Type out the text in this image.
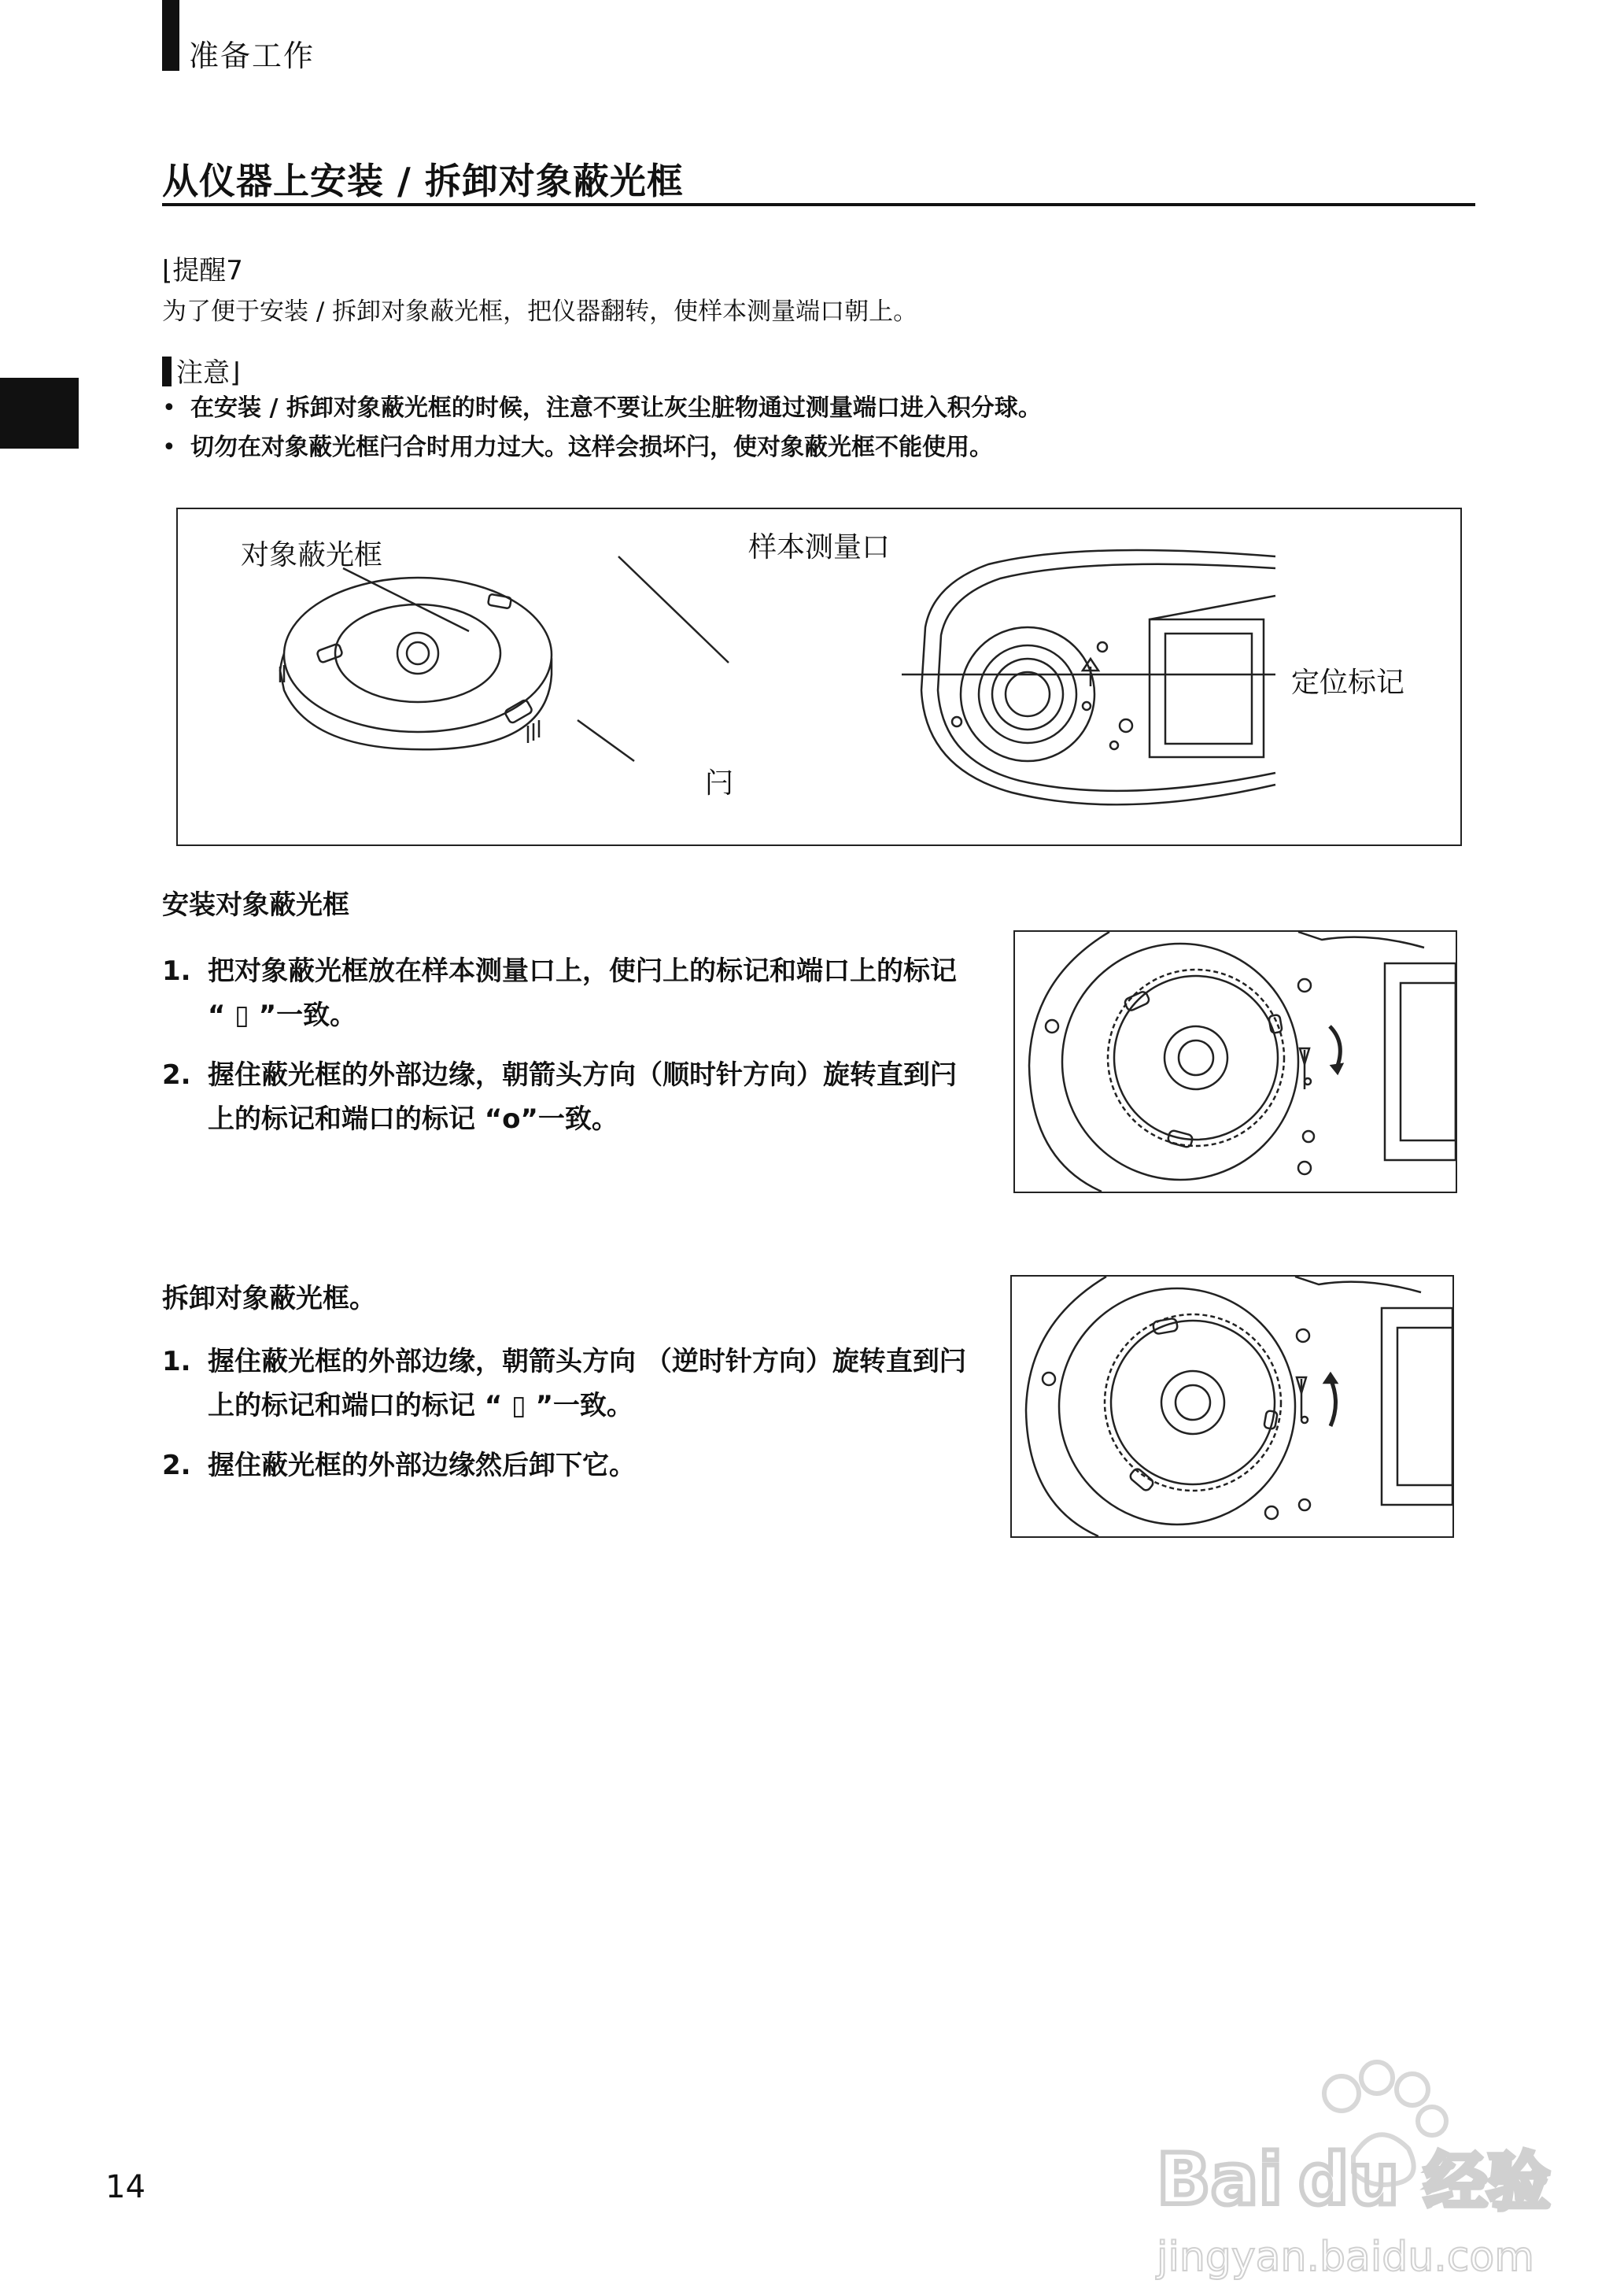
准备工作
从仪器上安装 / 拆卸对象蔽光框
⌊提醒7
为了便于安装 / 拆卸对象蔽光框，把仪器翻转，使样本测量端口朝上。
注意⌋
• 在安装 / 拆卸对象蔽光框的时候，注意不要让灰尘脏物通过测量端口进入积分球。
• 切勿在对象蔽光框闩合时用力过大。这样会损坏闩，使对象蔽光框不能使用。
对象蔽光框	样本测量口
定位标记
闩
安装对象蔽光框
1. 把对象蔽光框放在样本测量口上，使闩上的标记和端口上的标记 “ ▯ ”一致。
2. 握住蔽光框的外部边缘，朝箭头方向（顺时针方向）旋转直到闩上的标记和端口的标记 “o”一致。
拆卸对象蔽光框。
1. 握住蔽光框的外部边缘，朝箭头方向 （逆时针方向）旋转直到闩上的标记和端口的标记 “ ▯ ”一致。
2. 握住蔽光框的外部边缘然后卸下它。
14	Bai du 经验
jingyan.baidu.com
